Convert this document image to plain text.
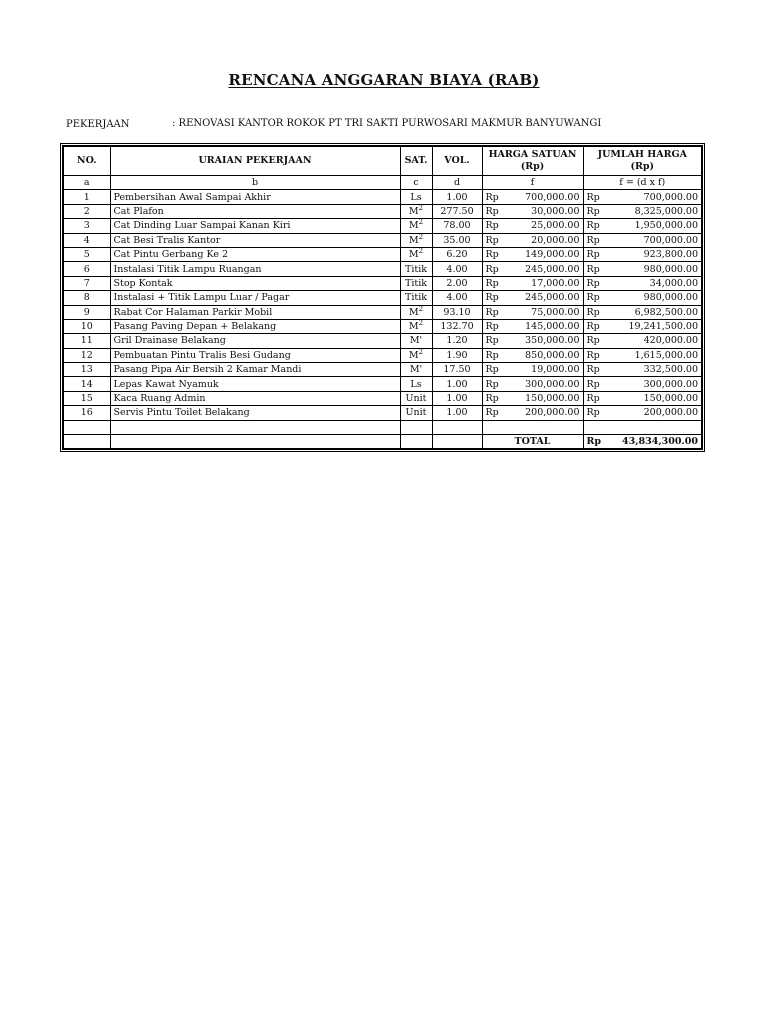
RENCANA ANGGARAN BIAYA (RAB)
PEKERJAAN	: RENOVASI KANTOR ROKOK PT TRI SAKTI PURWOSARI MAKMUR BANYUWANGI
NO.	URAIAN PEKERJAAN	SAT.	VOL.	HARGA SATUAN (Rp)		JUMLAH HARGA (Rp)	
a	b	c	d	f		f = (d x f)	
1	Pembersihan Awal Sampai Akhir	Ls	1.00	Rp	700,000.00	Rp	700,000.00
2	Cat Plafon	$M^2$	277.50	Rp	30,000.00	Rp	8,325,000.00
3	Cat Dinding Luar Sampai Kanan Kiri	$M^2$	78.00	Rp	25,000.00	Rp	1,950,000.00
4	Cat Besi Tralis Kantor	$M^2$	35.00	Rp	20,000.00	Rp	700,000.00
5	Cat Pintu Gerbang Ke 2	$M^2$	6.20	Rp	149,000.00	Rp	923,800.00
6	Instalasi Titik Lampu Ruangan	Titik	4.00	Rp	245,000.00	Rp	980,000.00
7	Stop Kontak	Titik	2.00	Rp	17,000.00	Rp	34,000.00
8	Instalasi + Titik Lampu Luar / Pagar	Titik	4.00	Rp	245,000.00	Rp	980,000.00
9	Rabat Cor Halaman Parkir Mobil	$M^2$	93.10	Rp	75,000.00	Rp	6,982,500.00
10	Pasang Paving Depan + Belakang	$M^2$	132.70	Rp	145,000.00	Rp	19,241,500.00
11	Gril Drainase Belakang	M'	1.20	Rp	350,000.00	Rp	420,000.00
12	Pembuatan Pintu Tralis Besi Gudang	$M^2$	1.90	Rp	850,000.00	Rp	1,615,000.00
13	Pasang Pipa Air Bersih 2 Kamar Mandi	M'	17.50	Rp	19,000.00	Rp	332,500.00
14	Lepas Kawat Nyamuk	Ls	1.00	Rp	300,000.00	Rp	300,000.00
15	Kaca Ruang Admin	Unit	1.00	Rp	150,000.00	Rp	150,000.00
16	Servis Pintu Toilet Belakang	Unit	1.00	Rp	200,000.00	Rp	200,000.00

				TOTAL		Rp	43,834,300.00
